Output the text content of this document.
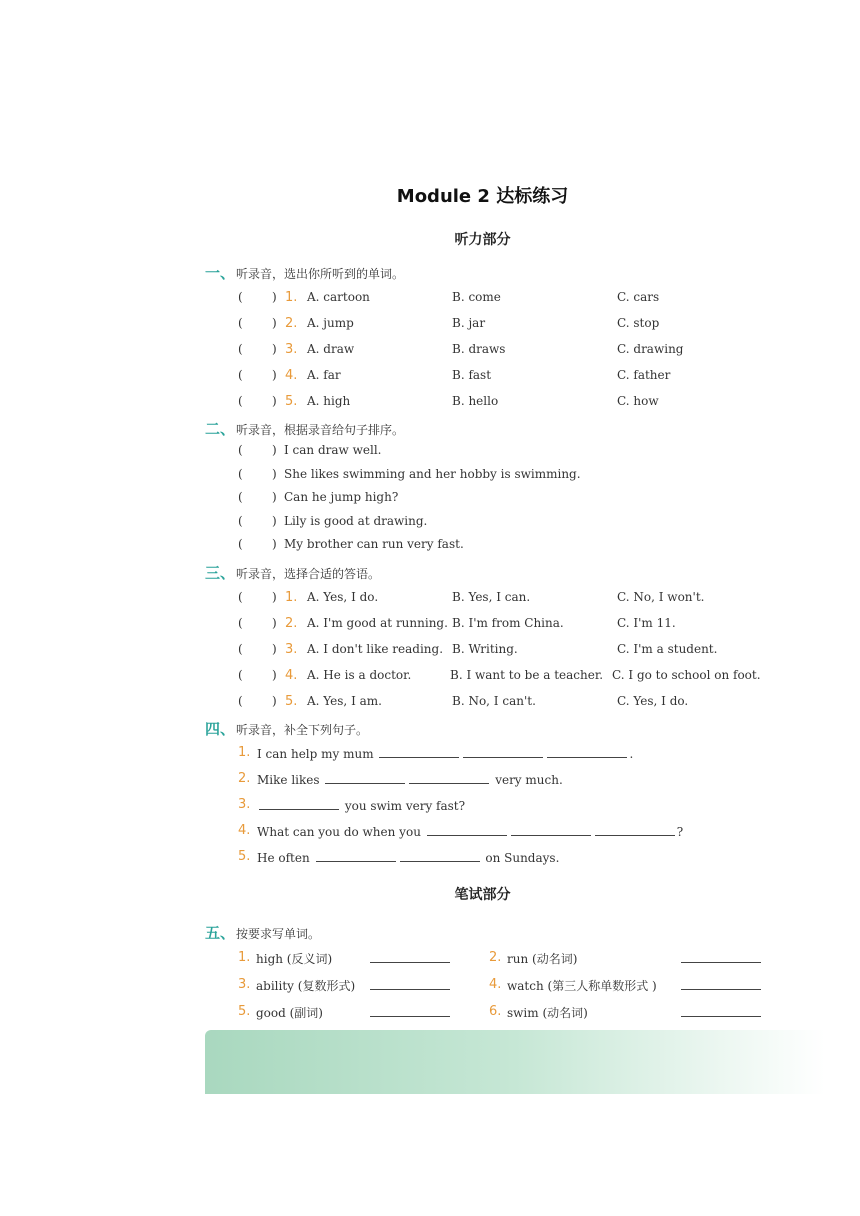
Module 2 达标练习
听力部分
一、听录音，选出你所听到的单词。
( ) 1. A. cartoon	B. come	C. cars
( ) 2. A. jump	B. jar	C. stop
( ) 3. A. draw	B. draws	C. drawing
( ) 4. A. far	B. fast	C. father
( ) 5. A. high	B. hello	C. how
二、听录音，根据录音给句子排序。
( ) I can draw well.
( ) She likes swimming and her hobby is swimming.
( ) Can he jump high?
( ) Lily is good at drawing.
( ) My brother can run very fast.
三、听录音，选择合适的答语。
( ) 1. A. Yes, I do.	B. Yes, I can.	C. No, I won't.
( ) 2. A. I'm good at running. B. I'm from China.	C. I'm 11.
( ) 3. A. I don't like reading. B. Writing.	C. I'm a student.
( ) 4. A. He is a doctor.	B. I want to be a teacher. C. I go to school on foot.
( ) 5. A. Yes, I am.	B. No, I can't.	C. Yes, I do.
四、听录音，补全下列句子。
1. I can help my mum	.
2. Mike likes	very much.
3.	you swim very fast?
4. What can you do when you	?
5. He often	on Sundays.
笔试部分
五、按要求写单词。
1. high (反义词)	2. run (动名词)
3. ability (复数形式)	4. watch (第三人称单数形式 )
5. good (副词)	6. swim (动名词)
